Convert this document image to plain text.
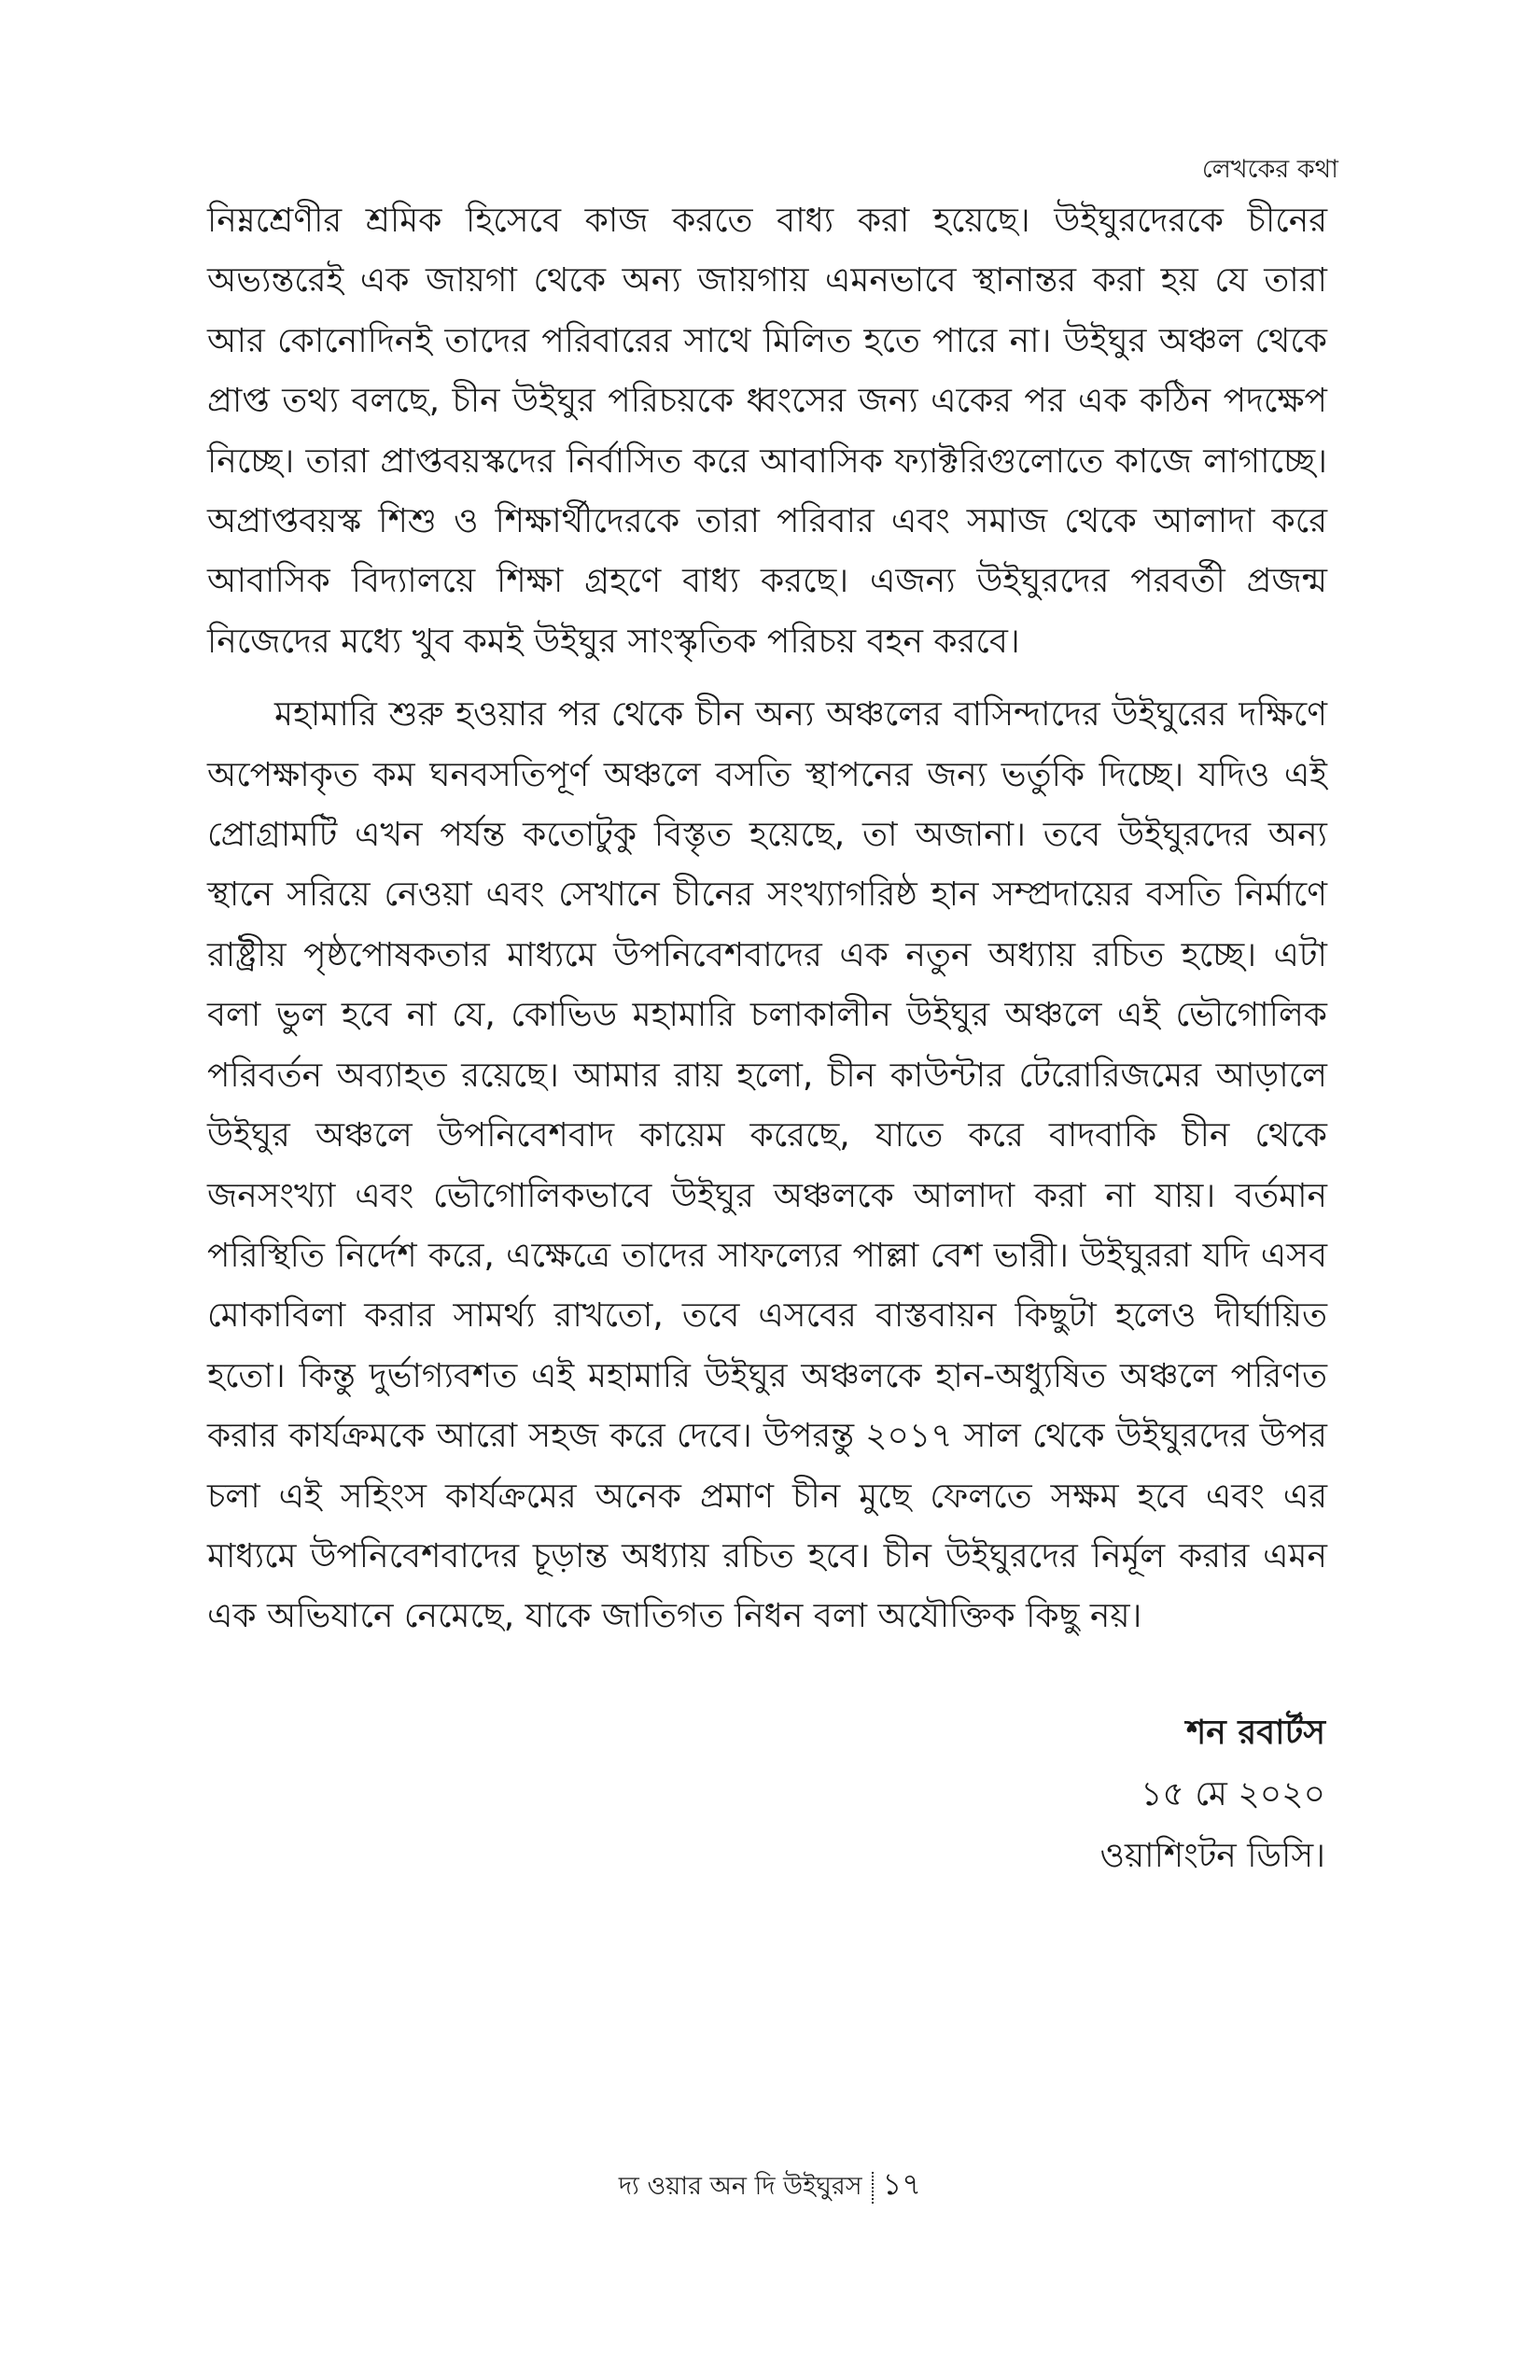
লেখকের কথা

নিম্নশ্রেণীর শ্রমিক হিসেবে কাজ করতে বাধ্য করা হয়েছে। উইঘুরদেরকে চীনের অভ্যন্তরেই এক জায়গা থেকে অন্য জায়গায় এমনভাবে স্থানান্তর করা হয় যে তারা আর কোনোদিনই তাদের পরিবারের সাথে মিলিত হতে পারে না। উইঘুর অঞ্চল থেকে প্রাপ্ত তথ্য বলছে, চীন উইঘুর পরিচয়কে ধ্বংসের জন্য একের পর এক কঠিন পদক্ষেপ নিচ্ছে। তারা প্রাপ্তবয়স্কদের নির্বাসিত করে আবাসিক ফ্যাক্টরিগুলোতে কাজে লাগাচ্ছে। অপ্রাপ্তবয়স্ক শিশু ও শিক্ষার্থীদেরকে তারা পরিবার এবং সমাজ থেকে আলাদা করে আবাসিক বিদ্যালয়ে শিক্ষা গ্রহণে বাধ্য করছে। এজন্য উইঘুরদের পরবর্তী প্রজন্ম নিজেদের মধ্যে খুব কমই উইঘুর সাংস্কৃতিক পরিচয় বহন করবে।

মহামারি শুরু হওয়ার পর থেকে চীন অন্য অঞ্চলের বাসিন্দাদের উইঘুরের দক্ষিণে অপেক্ষাকৃত কম ঘনবসতিপূর্ণ অঞ্চলে বসতি স্থাপনের জন্য ভর্তুকি দিচ্ছে। যদিও এই প্রোগ্রামটি এখন পর্যন্ত কতোটুকু বিস্তৃত হয়েছে, তা অজানা। তবে উইঘুরদের অন্য স্থানে সরিয়ে নেওয়া এবং সেখানে চীনের সংখ্যাগরিষ্ঠ হান সম্প্রদায়ের বসতি নির্মাণে রাষ্ট্রীয় পৃষ্ঠপোষকতার মাধ্যমে উপনিবেশবাদের এক নতুন অধ্যায় রচিত হচ্ছে। এটা বলা ভুল হবে না যে, কোভিড মহামারি চলাকালীন উইঘুর অঞ্চলে এই ভৌগোলিক পরিবর্তন অব্যাহত রয়েছে। আমার রায় হলো, চীন কাউন্টার টেরোরিজমের আড়ালে উইঘুর অঞ্চলে উপনিবেশবাদ কায়েম করেছে, যাতে করে বাদবাকি চীন থেকে জনসংখ্যা এবং ভৌগোলিকভাবে উইঘুর অঞ্চলকে আলাদা করা না যায়। বর্তমান পরিস্থিতি নির্দেশ করে, এক্ষেত্রে তাদের সাফল্যের পাল্লা বেশ ভারী। উইঘুররা যদি এসব মোকাবিলা করার সামর্থ্য রাখতো, তবে এসবের বাস্তবায়ন কিছুটা হলেও দীর্ঘায়িত হতো। কিন্তু দুর্ভাগ্যবশত এই মহামারি উইঘুর অঞ্চলকে হান-অধ্যুষিত অঞ্চলে পরিণত করার কার্যক্রমকে আরো সহজ করে দেবে। উপরন্তু ২০১৭ সাল থেকে উইঘুরদের উপর চলা এই সহিংস কার্যক্রমের অনেক প্রমাণ চীন মুছে ফেলতে সক্ষম হবে এবং এর মাধ্যমে উপনিবেশবাদের চূড়ান্ত অধ্যায় রচিত হবে। চীন উইঘুরদের নির্মূল করার এমন এক অভিযানে নেমেছে, যাকে জাতিগত নিধন বলা অযৌক্তিক কিছু নয়।

শন রবার্টস
১৫ মে ২০২০
ওয়াশিংটন ডিসি।
দ্য ওয়ার অন দি উইঘুরস ১৭
